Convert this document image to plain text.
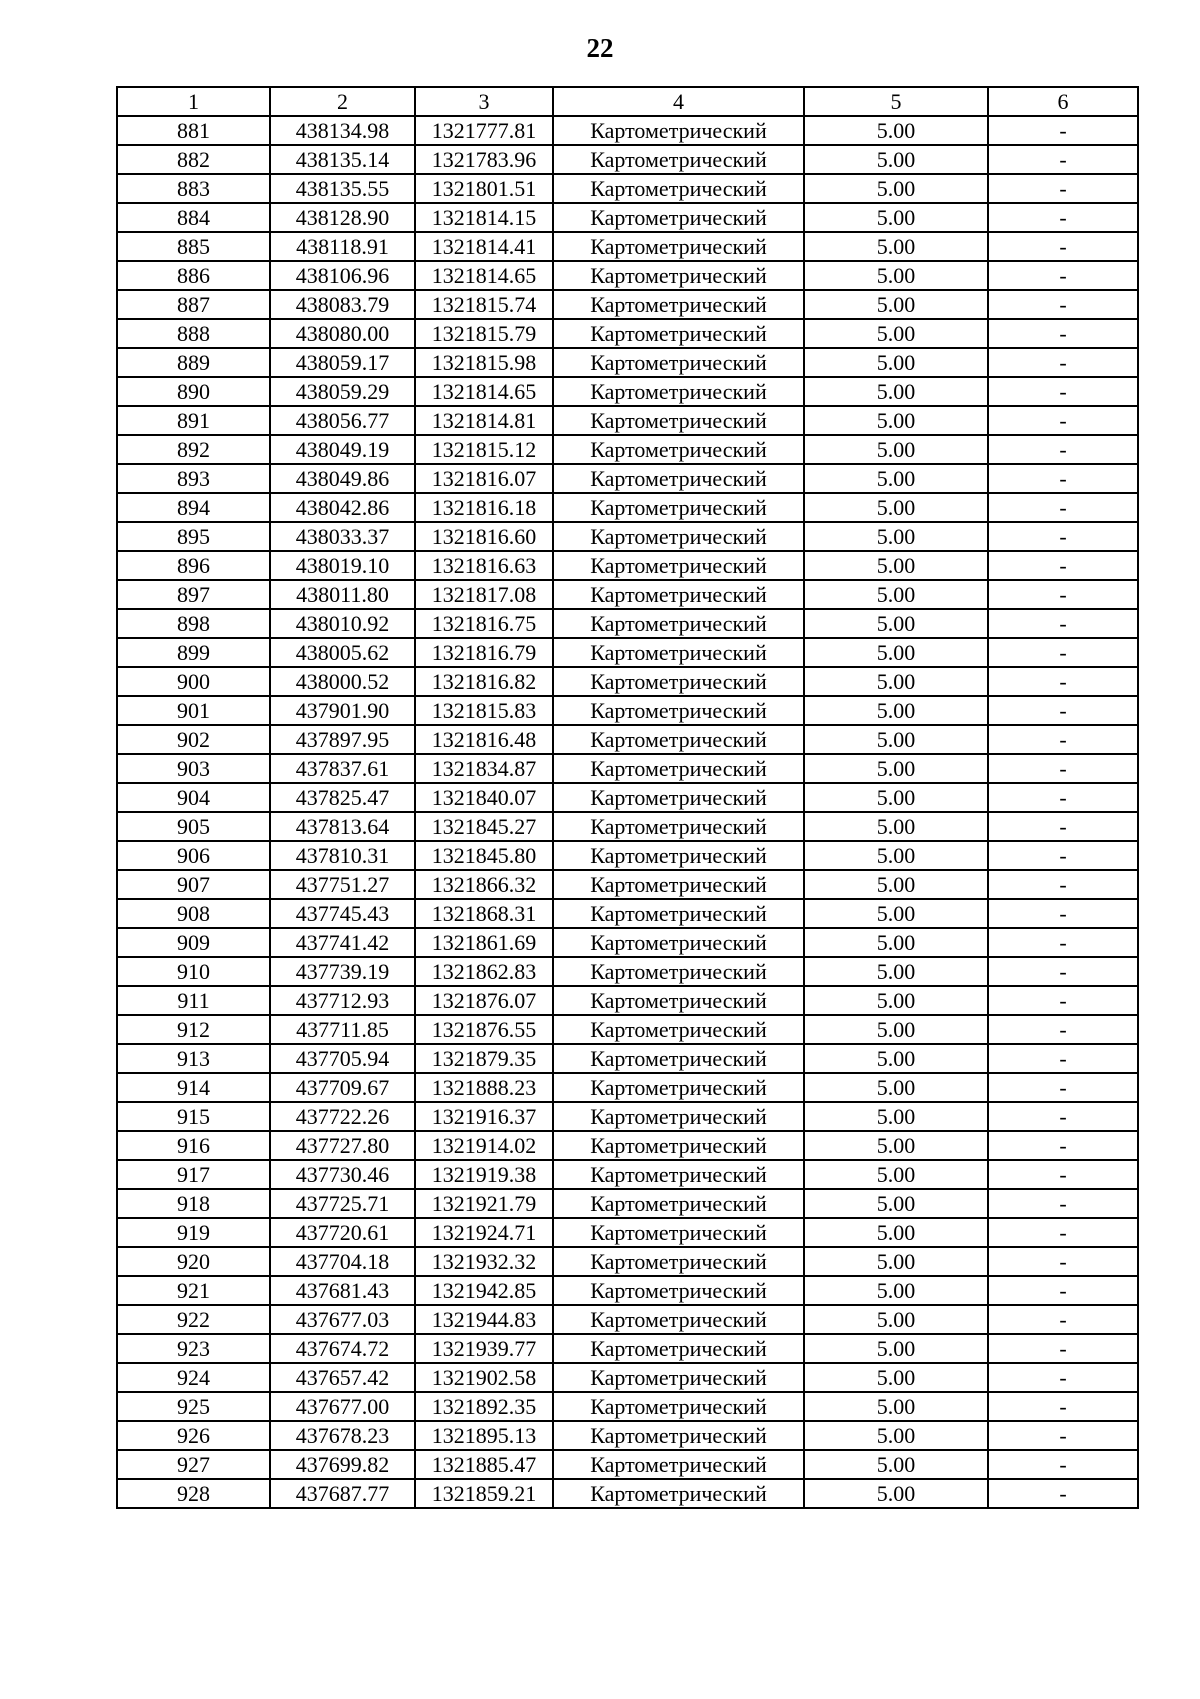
22
1	2	3	4	5	6
881	438134.98	1321777.81	Картометрический	5.00	-
882	438135.14	1321783.96	Картометрический	5.00	-
883	438135.55	1321801.51	Картометрический	5.00	-
884	438128.90	1321814.15	Картометрический	5.00	-
885	438118.91	1321814.41	Картометрический	5.00	-
886	438106.96	1321814.65	Картометрический	5.00	-
887	438083.79	1321815.74	Картометрический	5.00	-
888	438080.00	1321815.79	Картометрический	5.00	-
889	438059.17	1321815.98	Картометрический	5.00	-
890	438059.29	1321814.65	Картометрический	5.00	-
891	438056.77	1321814.81	Картометрический	5.00	-
892	438049.19	1321815.12	Картометрический	5.00	-
893	438049.86	1321816.07	Картометрический	5.00	-
894	438042.86	1321816.18	Картометрический	5.00	-
895	438033.37	1321816.60	Картометрический	5.00	-
896	438019.10	1321816.63	Картометрический	5.00	-
897	438011.80	1321817.08	Картометрический	5.00	-
898	438010.92	1321816.75	Картометрический	5.00	-
899	438005.62	1321816.79	Картометрический	5.00	-
900	438000.52	1321816.82	Картометрический	5.00	-
901	437901.90	1321815.83	Картометрический	5.00	-
902	437897.95	1321816.48	Картометрический	5.00	-
903	437837.61	1321834.87	Картометрический	5.00	-
904	437825.47	1321840.07	Картометрический	5.00	-
905	437813.64	1321845.27	Картометрический	5.00	-
906	437810.31	1321845.80	Картометрический	5.00	-
907	437751.27	1321866.32	Картометрический	5.00	-
908	437745.43	1321868.31	Картометрический	5.00	-
909	437741.42	1321861.69	Картометрический	5.00	-
910	437739.19	1321862.83	Картометрический	5.00	-
911	437712.93	1321876.07	Картометрический	5.00	-
912	437711.85	1321876.55	Картометрический	5.00	-
913	437705.94	1321879.35	Картометрический	5.00	-
914	437709.67	1321888.23	Картометрический	5.00	-
915	437722.26	1321916.37	Картометрический	5.00	-
916	437727.80	1321914.02	Картометрический	5.00	-
917	437730.46	1321919.38	Картометрический	5.00	-
918	437725.71	1321921.79	Картометрический	5.00	-
919	437720.61	1321924.71	Картометрический	5.00	-
920	437704.18	1321932.32	Картометрический	5.00	-
921	437681.43	1321942.85	Картометрический	5.00	-
922	437677.03	1321944.83	Картометрический	5.00	-
923	437674.72	1321939.77	Картометрический	5.00	-
924	437657.42	1321902.58	Картометрический	5.00	-
925	437677.00	1321892.35	Картометрический	5.00	-
926	437678.23	1321895.13	Картометрический	5.00	-
927	437699.82	1321885.47	Картометрический	5.00	-
928	437687.77	1321859.21	Картометрический	5.00	-
